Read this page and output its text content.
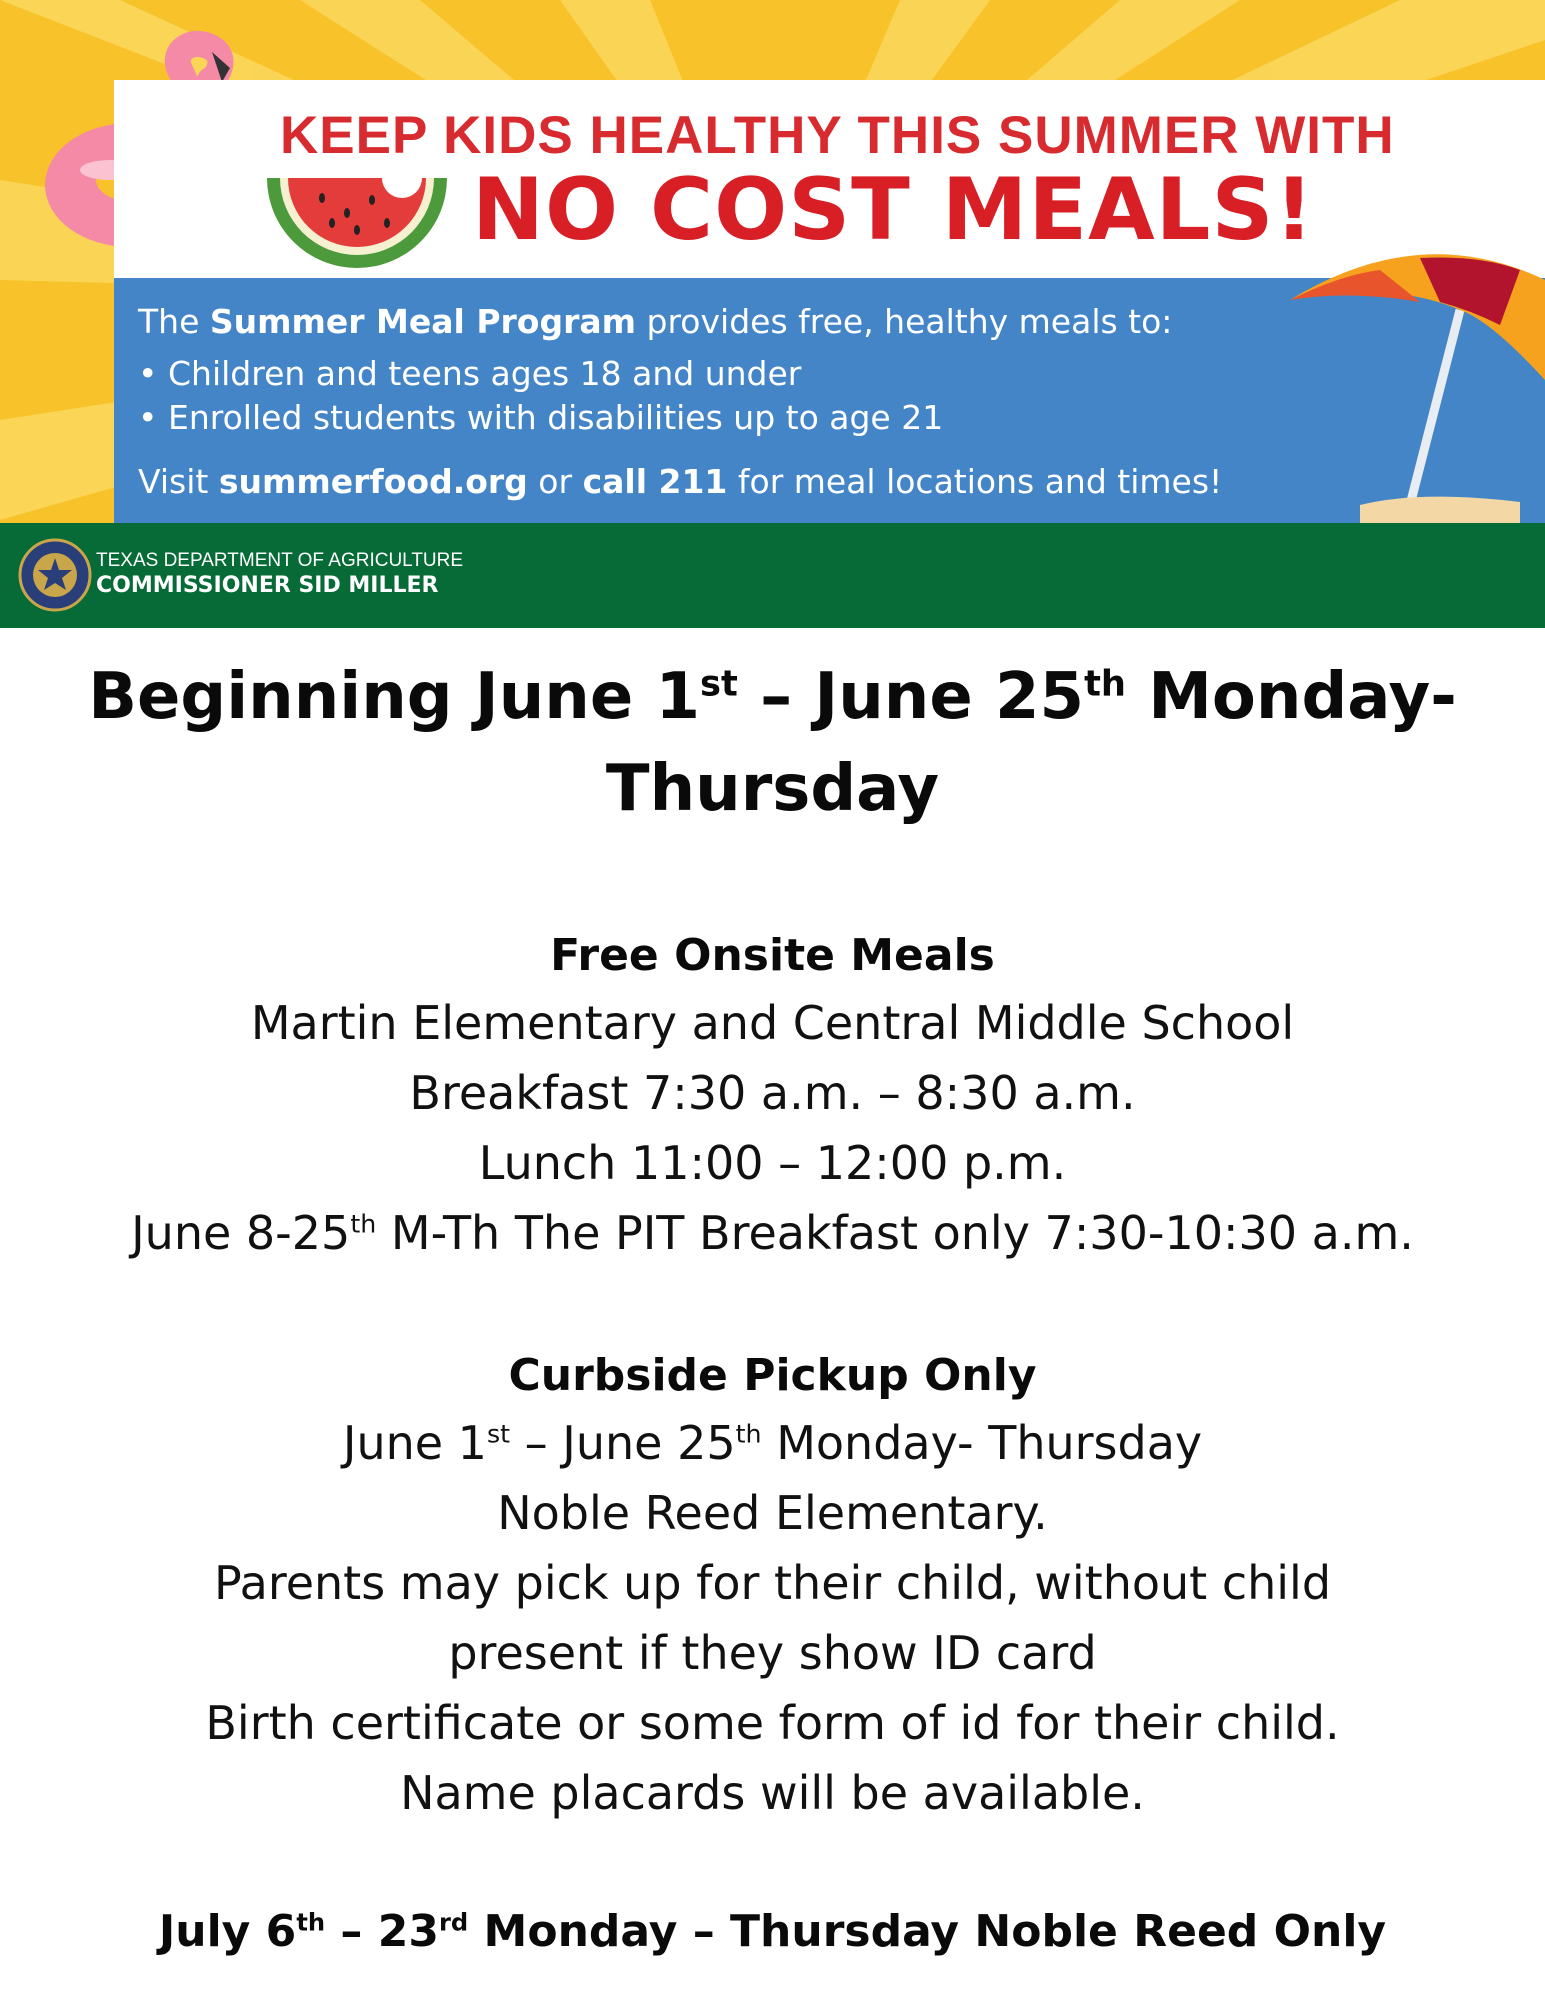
KEEP KIDS HEALTHY THIS SUMMER WITH
NO COST MEALS!
The Summer Meal Program provides free, healthy meals to:
• Children and teens ages 18 and under
• Enrolled students with disabilities up to age 21
Visit summerfood.org or call 211 for meal locations and times!
TEXAS DEPARTMENT OF AGRICULTURE
COMMISSIONER SID MILLER
Beginning June 1st – June 25th Monday-
Thursday
Free Onsite Meals
Martin Elementary and Central Middle School
Breakfast 7:30 a.m. – 8:30 a.m.
Lunch 11:00 – 12:00 p.m.
June 8-25th M-Th The PIT Breakfast only 7:30-10:30 a.m.
Curbside Pickup Only
June 1st – June 25th Monday- Thursday
Noble Reed Elementary.
Parents may pick up for their child, without child
present if they show ID card
Birth certificate or some form of id for their child.
Name placards will be available.
July 6th – 23rd Monday – Thursday Noble Reed Only
